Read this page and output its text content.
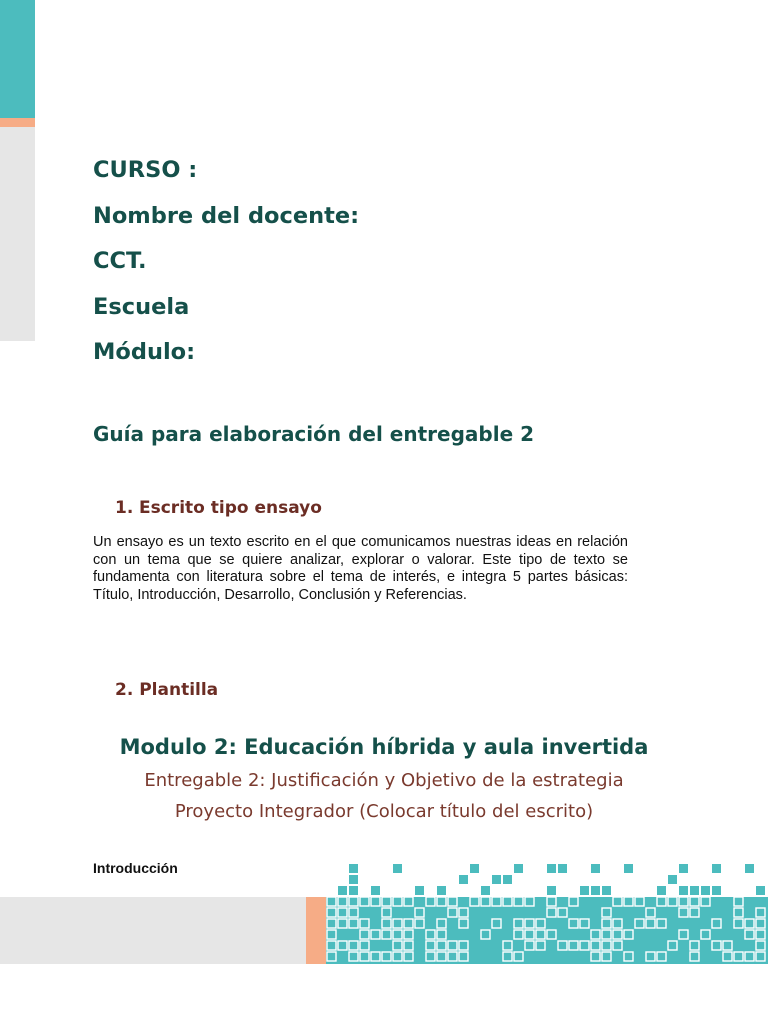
CURSO :
Nombre del docente:
CCT.
Escuela
Módulo:
Guía para elaboración del entregable 2
1. Escrito tipo ensayo
Un ensayo es un texto escrito en el que comunicamos nuestras ideas en relación con un tema que se quiere analizar, explorar o valorar. Este tipo de texto se fundamenta con literatura sobre el tema de interés, e integra 5 partes básicas: Título, Introducción, Desarrollo, Conclusión y Referencias.
2. Plantilla
Modulo 2: Educación híbrida y aula invertida
Entregable 2: Justificación y Objetivo de la estrategia
Proyecto Integrador (Colocar título del escrito)
Introducción
